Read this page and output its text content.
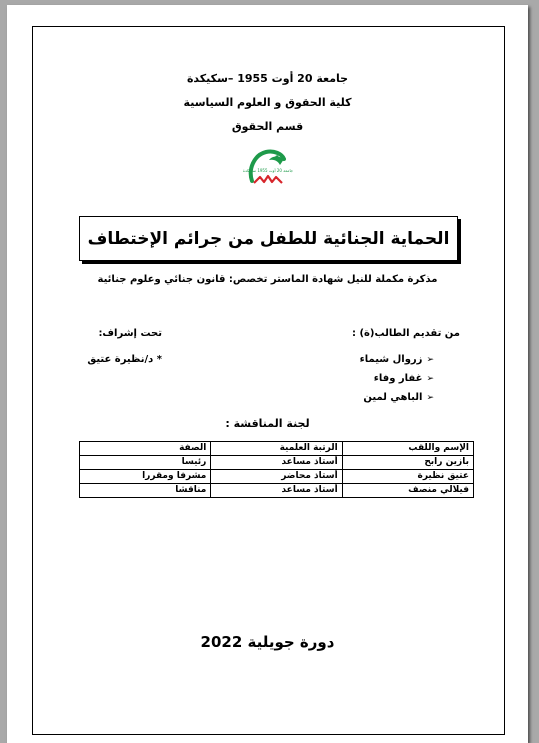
جامعة 20 أوت 1955 –سكيكدة
كلية الحقوق و العلوم السياسية
قسم الحقوق
جامعة 20 أوت 1955 سكيكدة
الحماية الجنائية للطفل من جرائم الإختطاف
مذكرة مكملة للنيل شهادة الماستر تخصص: قانون جنائي وعلوم جنائية
من تقديم الطالب(ة) :
تحت إشراف:
زروال شيماء ➢
غفار وفاء ➢
الباهي لمين ➢
* د/نظيرة عتيق
لجنة المناقشة :
الإسم واللقب	الرتبة العلمية	الصفة
بازين رابح	أستاذ مساعد	رئيسا
عتيق نظيرة	أستاذ محاضر	مشرفا ومقررا
فيلالي منصف	أستاذ مساعد	مناقشا
دورة جويلية 2022
